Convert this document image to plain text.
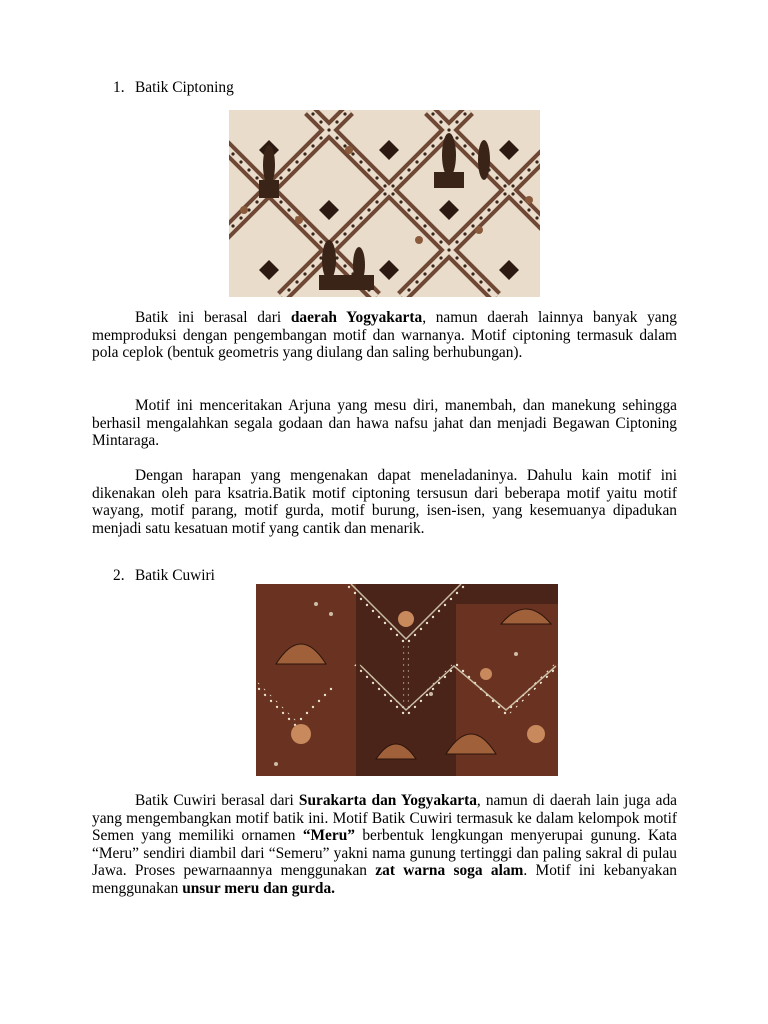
1. Batik Ciptoning

Batik ini berasal dari daerah Yogyakarta, namun daerah lainnya banyak yang memproduksi dengan pengembangan motif dan warnanya. Motif ciptoning termasuk dalam pola ceplok (bentuk geometris yang diulang dan saling berhubungan).

Motif ini menceritakan Arjuna yang mesu diri, manembah, dan manekung sehingga berhasil mengalahkan segala godaan dan hawa nafsu jahat dan menjadi Begawan Ciptoning Mintaraga.

Dengan harapan yang mengenakan dapat meneladaninya. Dahulu kain motif ini dikenakan oleh para ksatria.Batik motif ciptoning tersusun dari beberapa motif yaitu motif wayang, motif parang, motif gurda, motif burung, isen-isen, yang kesemuanya dipadukan menjadi satu kesatuan motif yang cantik dan menarik.

2. Batik Cuwiri

Batik Cuwiri berasal dari Surakarta dan Yogyakarta, namun di daerah lain juga ada yang mengembangkan motif batik ini. Motif Batik Cuwiri termasuk ke dalam kelompok motif Semen yang memiliki ornamen “Meru” berbentuk lengkungan menyerupai gunung. Kata “Meru” sendiri diambil dari “Semeru” yakni nama gunung tertinggi dan paling sakral di pulau Jawa. Proses pewarnaannya menggunakan zat warna soga alam. Motif ini kebanyakan menggunakan unsur meru dan gurda.
